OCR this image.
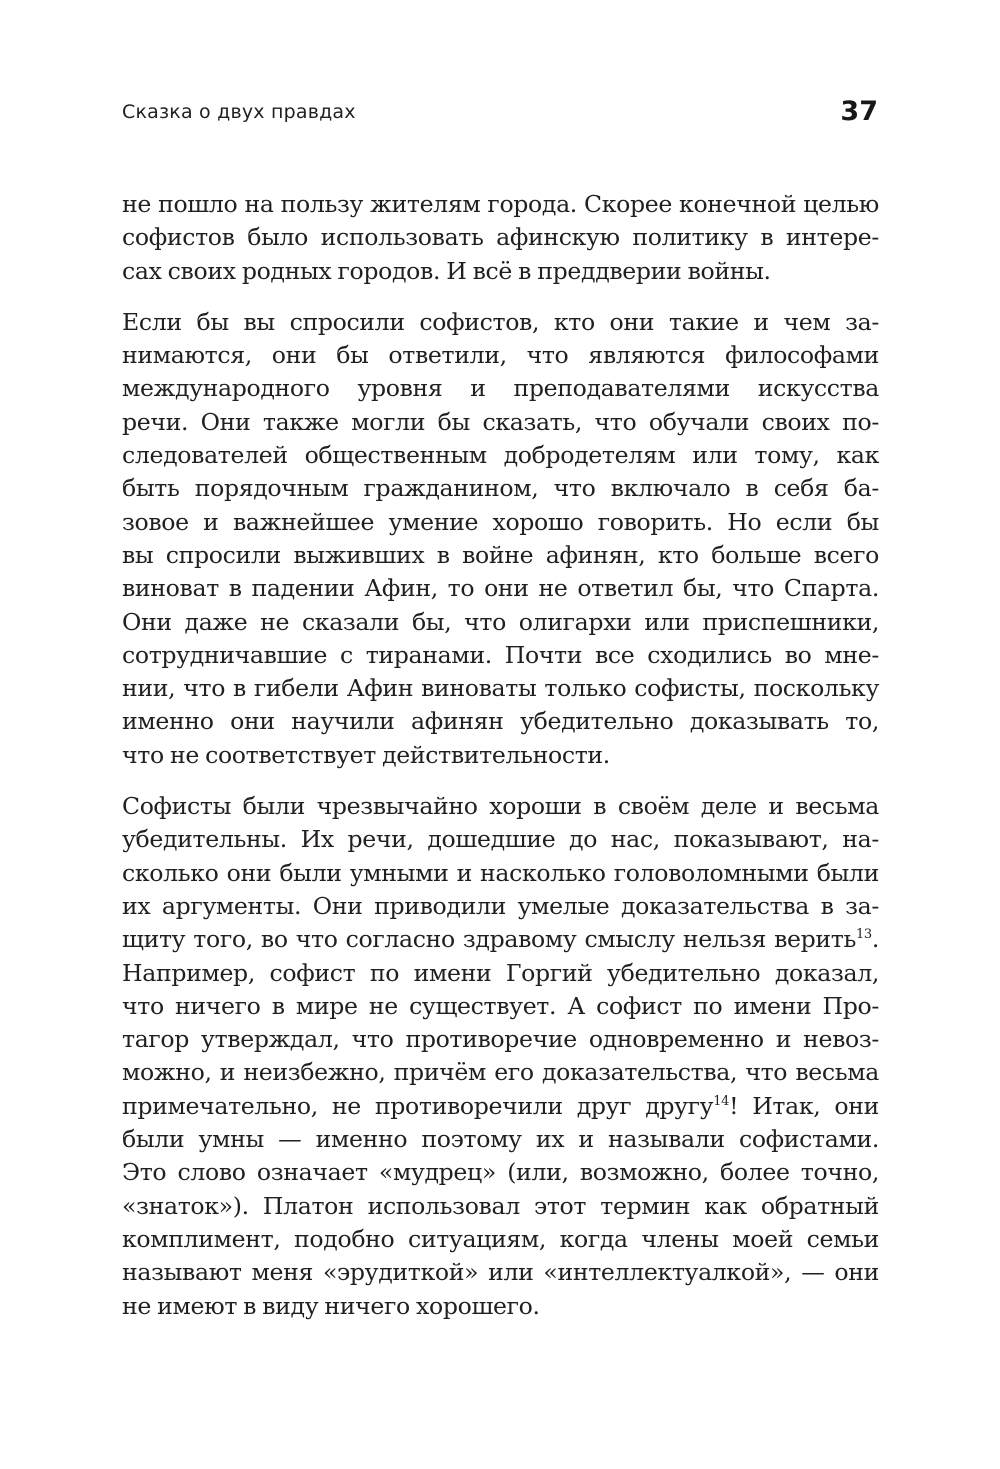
Сказка о двух правдах	37
не пошло на пользу жителям города. Скорее конечной целью
софистов было использовать афинскую политику в интере-
сах своих родных городов. И всё в преддверии войны.
Если бы вы спросили софистов, кто они такие и чем за-
нимаются, они бы ответили, что являются философами
международного уровня и преподавателями искусства
речи. Они также могли бы сказать, что обучали своих по-
следователей общественным добродетелям или тому, как
быть порядочным гражданином, что включало в себя ба-
зовое и важнейшее умение хорошо говорить. Но если бы
вы спросили выживших в войне афинян, кто больше всего
виноват в падении Афин, то они не ответил бы, что Спарта.
Они даже не сказали бы, что олигархи или приспешники,
сотрудничавшие с тиранами. Почти все сходились во мне-
нии, что в гибели Афин виноваты только софисты, поскольку
именно они научили афинян убедительно доказывать то,
что не соответствует действительности.
Софисты были чрезвычайно хороши в своём деле и весьма
убедительны. Их речи, дошедшие до нас, показывают, на-
сколько они были умными и насколько головоломными были
их аргументы. Они приводили умелые доказательства в за-
щиту того, во что согласно здравому смыслу нельзя верить$^{13}$.
Например, софист по имени Горгий убедительно доказал,
что ничего в мире не существует. А софист по имени Про-
тагор утверждал, что противоречие одновременно и невоз-
можно, и неизбежно, причём его доказательства, что весьма
примечательно, не противоречили друг другу$^{14}$! Итак, они
были умны — именно поэтому их и называли софистами.
Это слово означает «мудрец» (или, возможно, более точно,
«знаток»). Платон использовал этот термин как обратный
комплимент, подобно ситуациям, когда члены моей семьи
называют меня «эрудиткой» или «интеллектуалкой», — они
не имеют в виду ничего хорошего.
